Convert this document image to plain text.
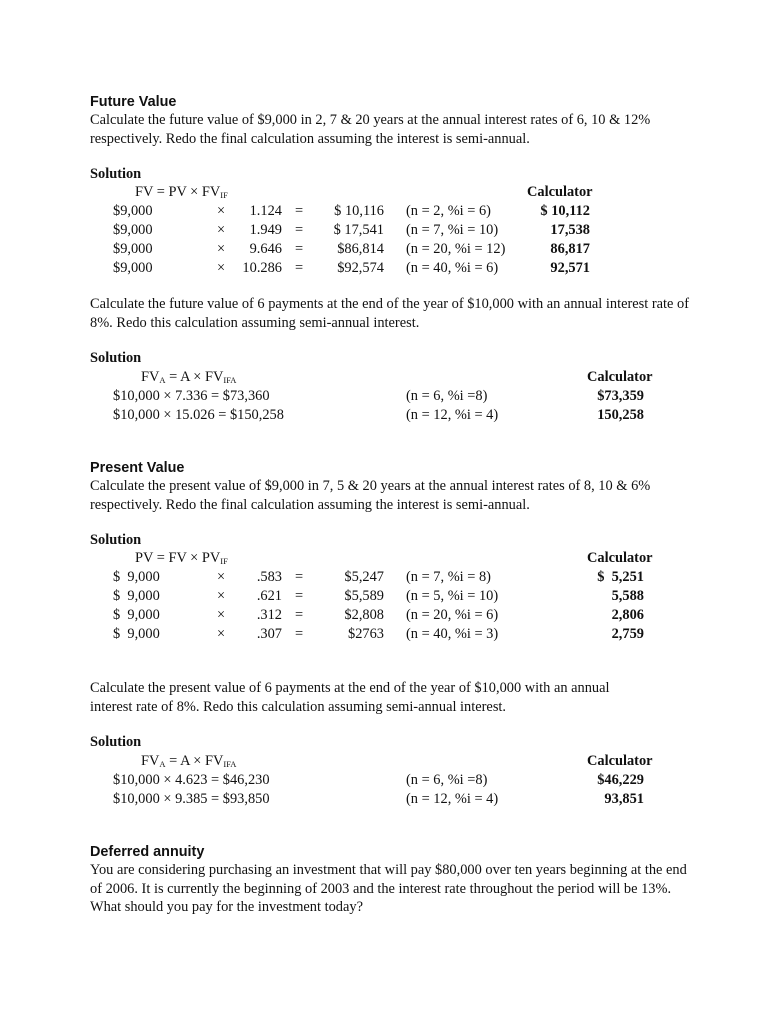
Future Value
Calculate the future value of $9,000 in 2, 7 & 20 years at the annual interest rates of 6, 10 & 12% respectively. Redo the final calculation assuming the interest is semi-annual.
Solution
FV = PV × $FV_{IF}$	Calculator
$9,000	×	1.124 =	$ 10,116 (n = 2, %i = 6)	$ 10,112
$9,000	×	1.949 =	$ 17,541 (n = 7, %i = 10)	17,538
$9,000	×	9.646 =	$86,814 (n = 20, %i = 12)	86,817
$9,000	×	10.286 =	$92,574 (n = 40, %i = 6)	92,571
Calculate the future value of 6 payments at the end of the year of $10,000 with an annual interest rate of 8%. Redo this calculation assuming semi-annual interest.
Solution
$FV_A = A \times FV_{IFA}$	Calculator
$10,000 × 7.336 = $73,360	(n = 6, %i =8)	$73,359
$10,000 × 15.026 = $150,258	(n = 12, %i = 4)	150,258
Present Value
Calculate the present value of $9,000 in 7, 5 & 20 years at the annual interest rates of 8, 10 & 6% respectively. Redo the final calculation assuming the interest is semi-annual.
Solution
PV = FV × $PV_{IF}$	Calculator
$  9,000	×	.583 =	$5,247 (n = 7, %i = 8)	$  5,251
$  9,000	×	.621 =	$5,589 (n = 5, %i = 10)	5,588
$  9,000	×	.312 =	$2,808 (n = 20, %i = 6)	2,806
$  9,000	×	.307 =	$2763 (n = 40, %i = 3)	2,759
Calculate the present value of 6 payments at the end of the year of $10,000 with an annual interest rate of 8%. Redo this calculation assuming semi-annual interest.
Solution
$FV_A = A \times FV_{IFA}$	Calculator
$10,000 × 4.623 = $46,230	(n = 6, %i =8)	$46,229
$10,000 × 9.385 = $93,850	(n = 12, %i = 4)	93,851
Deferred annuity
You are considering purchasing an investment that will pay $80,000 over ten years beginning at the end of 2006. It is currently the beginning of 2003 and the interest rate throughout the period will be 13%. What should you pay for the investment today?
